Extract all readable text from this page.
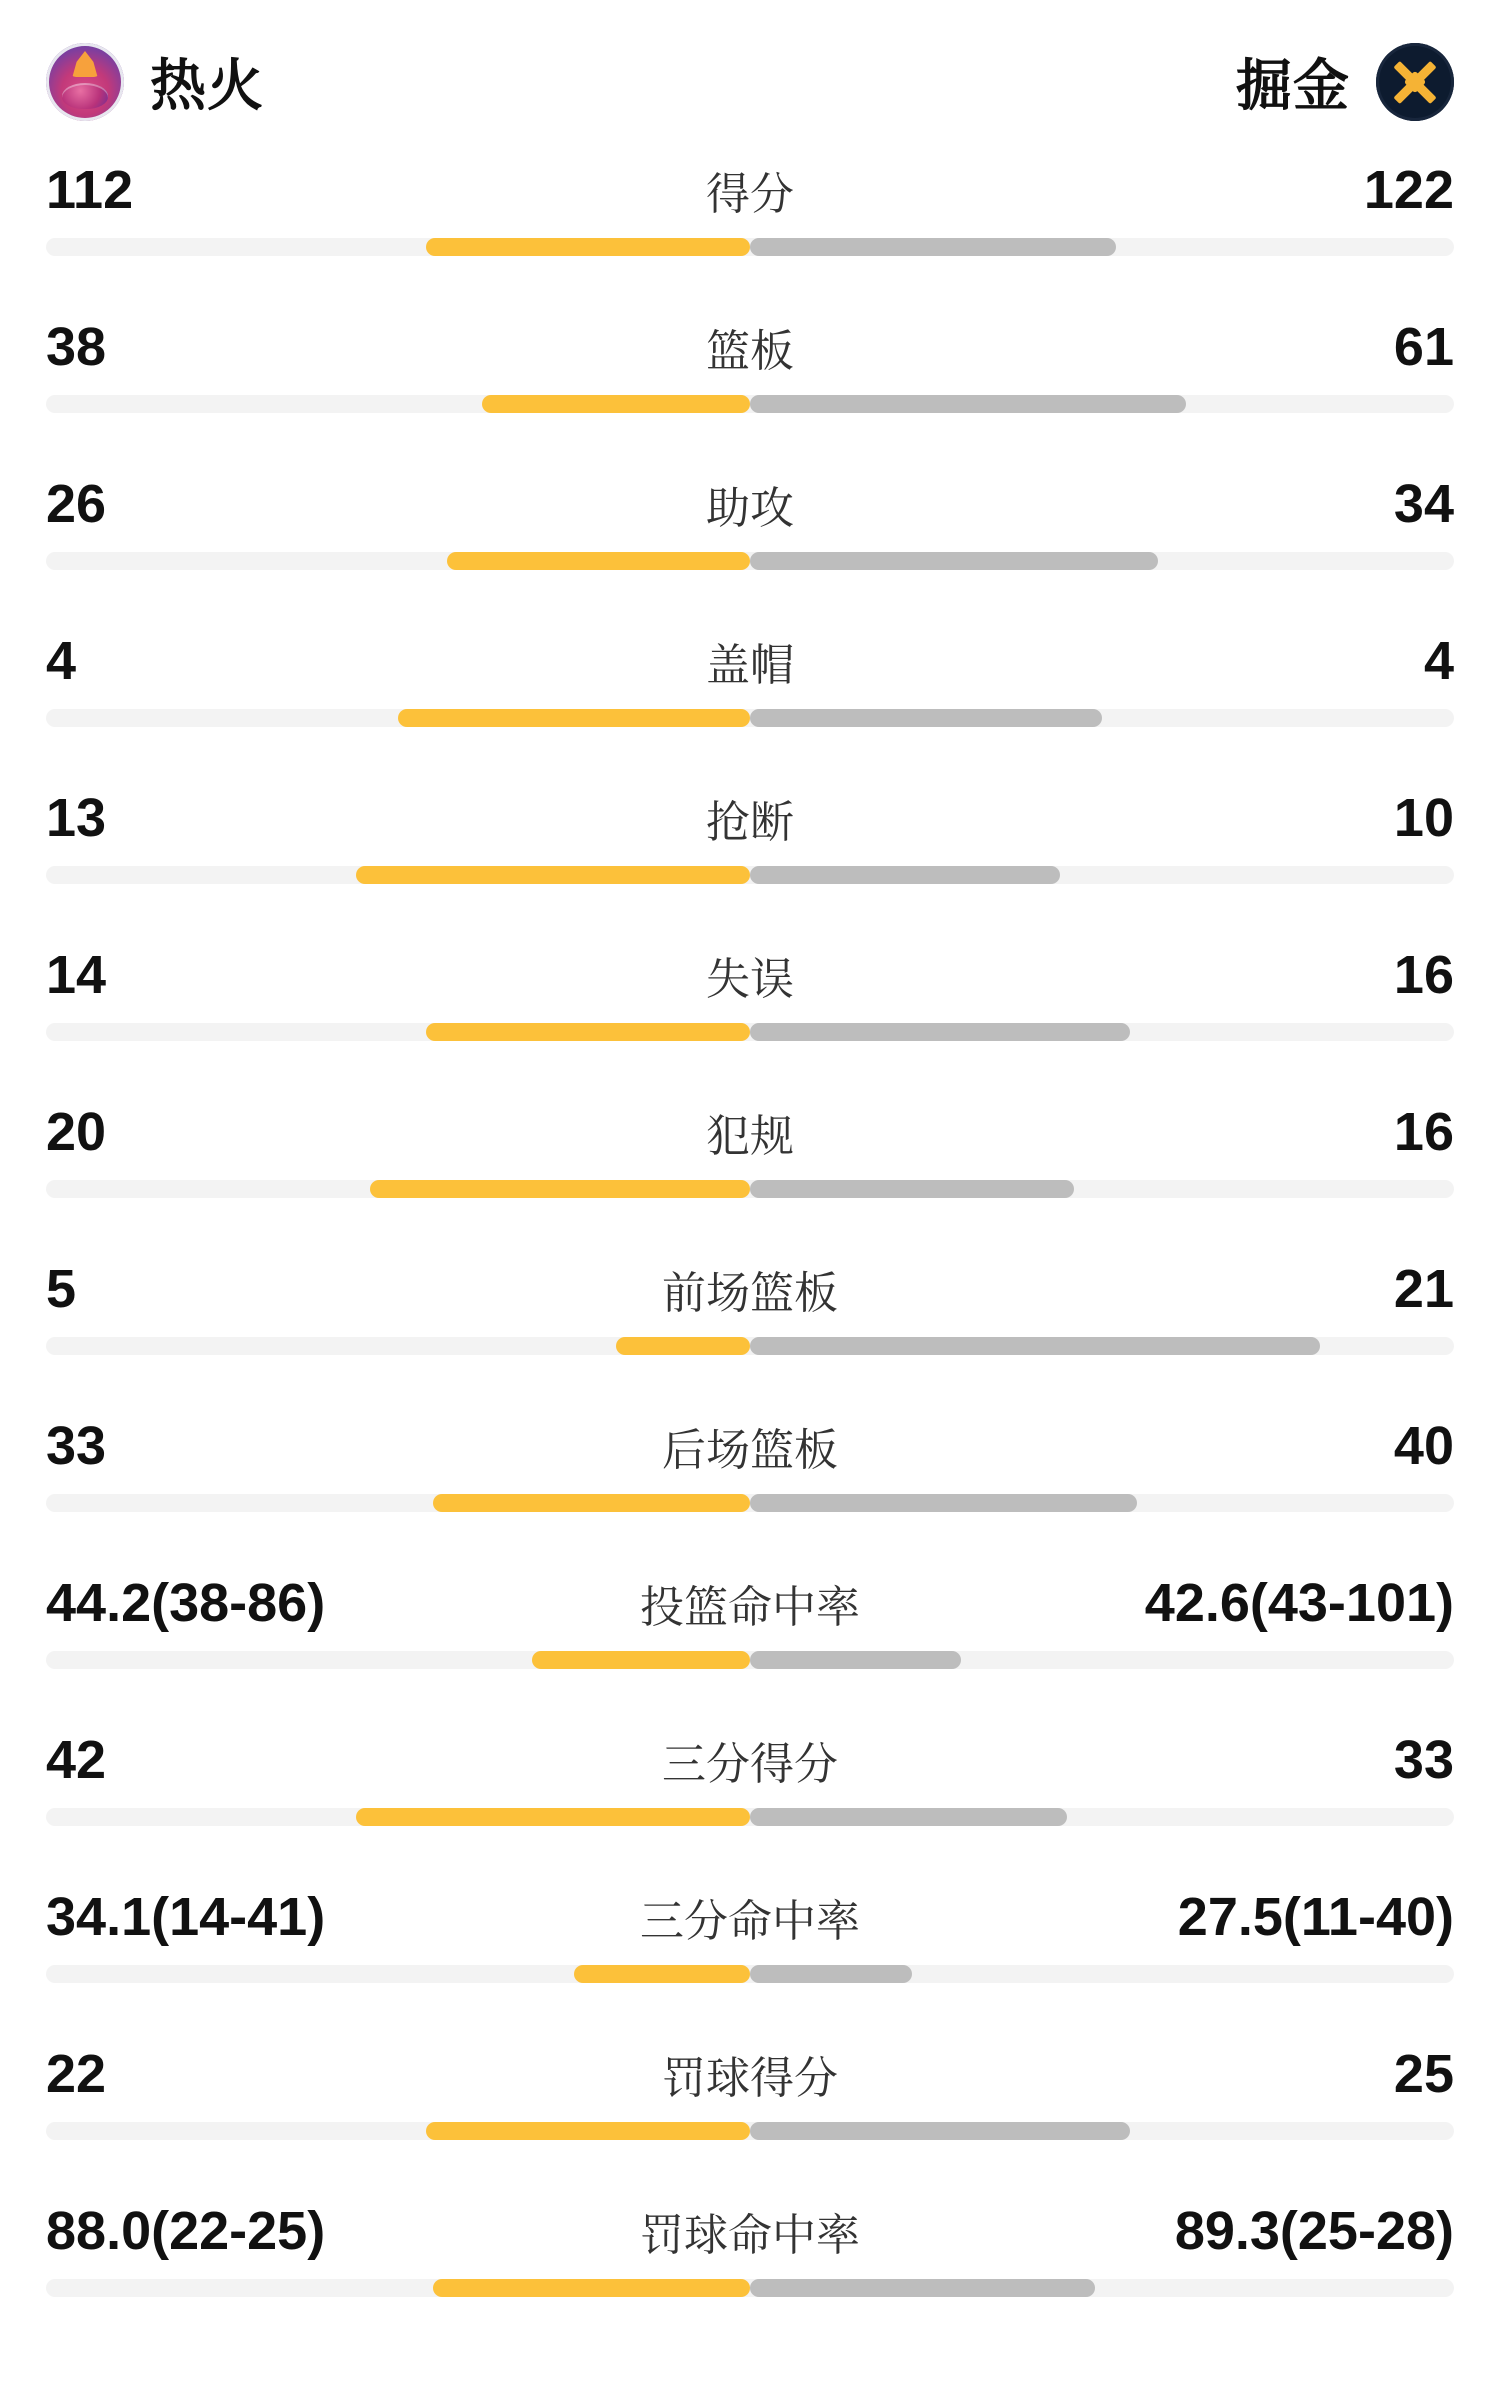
热火	掘金
112	得分	122
38	篮板	61
26	助攻	34
4	盖帽	4
13	抢断	10
14	失误	16
20	犯规	16
5	前场篮板	21
33	后场篮板	40
44.2(38-86)	投篮命中率	42.6(43-101)
42	三分得分	33
34.1(14-41)	三分命中率	27.5(11-40)
22	罚球得分	25
88.0(22-25)	罚球命中率	89.3(25-28)
